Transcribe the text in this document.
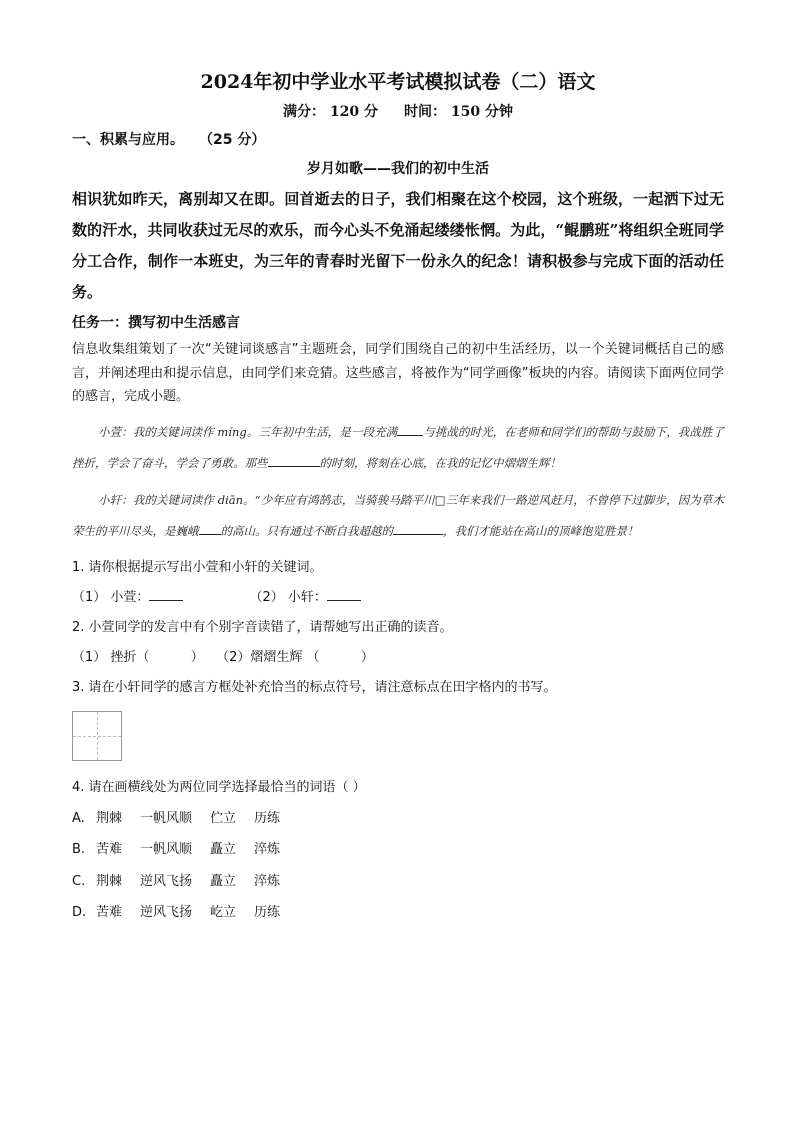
2024年初中学业水平考试模拟试卷（二）语文
满分： 120 分 时间： 150 分钟
一、积累与应用。 （25 分）
岁月如歌——我们的初中生活

相识犹如昨天，离别却又在即。回首逝去的日子，我们相聚在这个校园，这个班级，一起洒下过无数的汗水，共同收获过无尽的欢乐，而今心头不免涌起缕缕怅惘。为此，“鲲鹏班”将组织全班同学分工合作，制作一本班史，为三年的青春时光留下一份永久的纪念！请积极参与完成下面的活动任务。

任务一：撰写初中生活感言

信息收集组策划了一次“关键词谈感言”主题班会，同学们围绕自己的初中生活经历，以一个关键词概括自己的感言，并阐述理由和提示信息，由同学们来竞猜。这些感言，将被作为“同学画像”板块的内容。请阅读下面两位同学的感言，完成小题。

小萱：我的关键词读作 míng。三年初中生活，是一段充满 与挑战的时光，在老师和同学们的帮助与鼓励下，我战胜了挫折，学会了奋斗，学会了勇敢。那些	的时刻，将刻在心底，在我的记忆中熠熠生辉！

小轩：我的关键词读作 diān。“少年应有鸿鹄志，当骑骏马踏平川□三年来我们一路逆风赶月，不曾停下过脚步，因为草木荣生的平川尽头，是巍峨 的高山。只有通过不断自我超越的	，我们才能站在高山的顶峰饱览胜景！

1. 请你根据提示写出小萱和小轩的关键词。
（1） 小萱：	（2） 小轩：
2. 小萱同学的发言中有个别字音读错了，请帮她写出正确的读音。
（1） 挫折（          ） （2）熠熠生辉 （          ）
3. 请在小轩同学的感言方框处补充恰当的标点符号，请注意标点在田字格内的书写。
4. 请在画横线处为两位同学选择最恰当的词语（ ）
A. 荆棘 一帆风顺 伫立 历练
B. 苦难 一帆风顺 矗立 淬炼
C. 荆棘 逆风飞扬 矗立 淬炼
D. 苦难 逆风飞扬 屹立 历练
